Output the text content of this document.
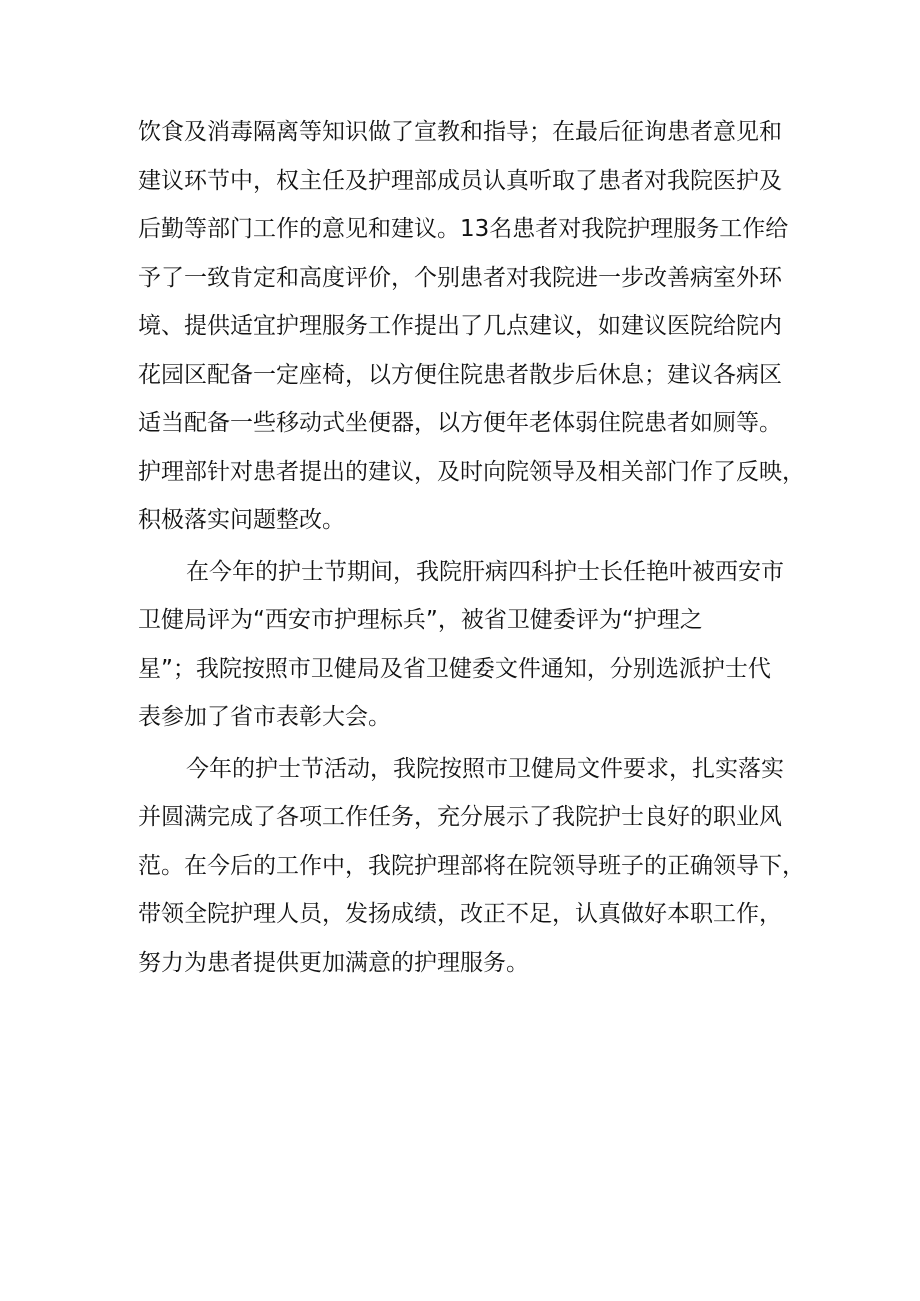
饮食及消毒隔离等知识做了宣教和指导；在最后征询患者意见和
建议环节中，权主任及护理部成员认真听取了患者对我院医护及
后勤等部门工作的意见和建议。13名患者对我院护理服务工作给
予了一致肯定和高度评价，个别患者对我院进一步改善病室外环
境、提供适宜护理服务工作提出了几点建议，如建议医院给院内
花园区配备一定座椅，以方便住院患者散步后休息；建议各病区
适当配备一些移动式坐便器，以方便年老体弱住院患者如厕等。
护理部针对患者提出的建议，及时向院领导及相关部门作了反映，
积极落实问题整改。
在今年的护士节期间，我院肝病四科护士长任艳叶被西安市
卫健局评为“西安市护理标兵”，被省卫健委评为“护理之
星”；我院按照市卫健局及省卫健委文件通知，分别选派护士代
表参加了省市表彰大会。
今年的护士节活动，我院按照市卫健局文件要求，扎实落实
并圆满完成了各项工作任务，充分展示了我院护士良好的职业风
范。在今后的工作中，我院护理部将在院领导班子的正确领导下，
带领全院护理人员，发扬成绩，改正不足，认真做好本职工作，
努力为患者提供更加满意的护理服务。
